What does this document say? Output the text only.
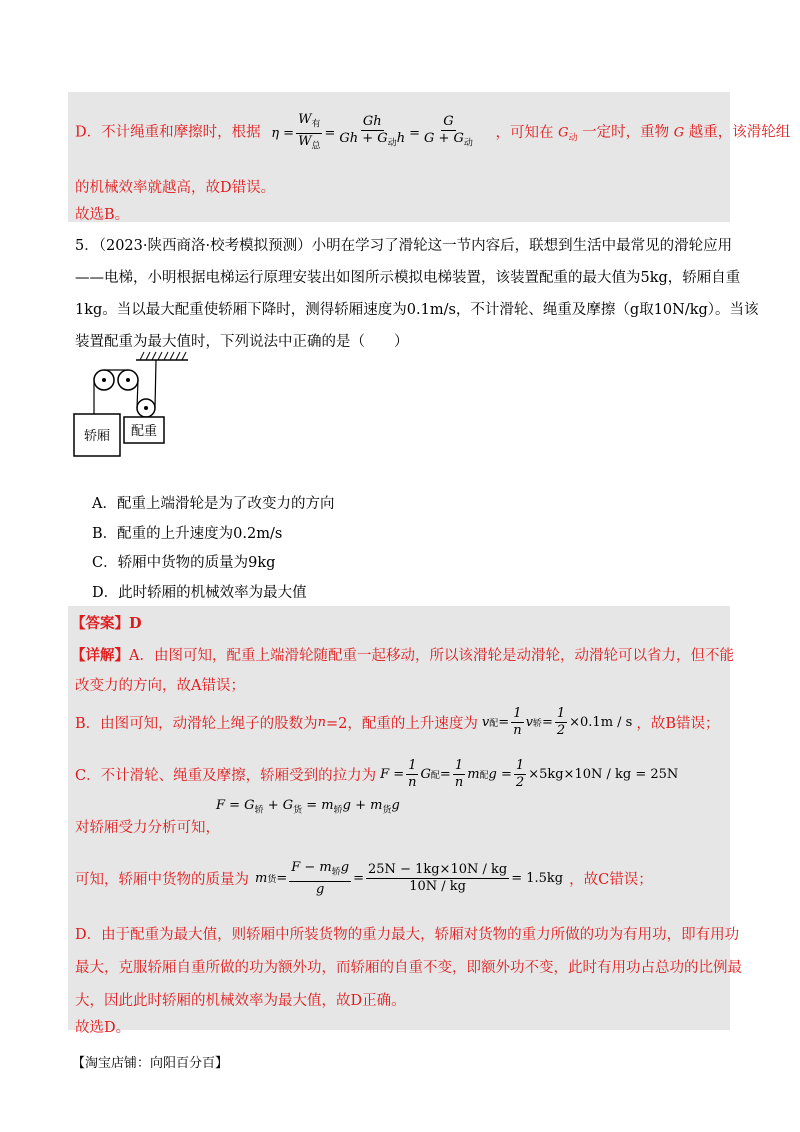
D．不计绳重和摩擦时，根据 $\eta = \frac{W_有}{W_总} = \frac{Gh}{Gh + G_动h} = \frac{G}{G + G_动}$ ，可知在 $G_动$ 一定时，重物 G 越重，该滑轮组
的机械效率就越高，故D错误。
故选B。
5．（2023·陕西商洛·校考模拟预测）小明在学习了滑轮这一节内容后，联想到生活中最常见的滑轮应用
——电梯，小明根据电梯运行原理安装出如图所示模拟电梯装置，该装置配重的最大值为5kg，轿厢自重
1kg。当以最大配重使轿厢下降时，测得轿厢速度为0.1m/s，不计滑轮、绳重及摩擦（g取10N/kg）。当该
装置配重为最大值时，下列说法中正确的是（　　）
轿厢 配重
A．配重上端滑轮是为了改变力的方向
B．配重的上升速度为0.2m/s
C．轿厢中货物的质量为9kg
D．此时轿厢的机械效率为最大值
【答案】D
【详解】A．由图可知，配重上端滑轮随配重一起移动，所以该滑轮是动滑轮，动滑轮可以省力，但不能
改变力的方向，故A错误；
B．由图可知，动滑轮上绳子的股数为 n =2，配重的上升速度为 v 配 = $\frac{1}{n}$ v 轿 = $\frac{1}{2} \times 0.1m / s$ ，故B错误；
C．不计滑轮、绳重及摩擦，轿厢受到的拉力为 $F = \frac{1}{n}$ G 配 = $\frac{1}{n}$ m 配 $g = \frac{1}{2} \times 5kg\times 10N$ / kg = 25N
$F = G_轿 + G_货 = m_轿g + m_货g$
对轿厢受力分析可知，
可知，轿厢中货物的质量为 m 货 = $\frac{F - m_轿g}{g} = \frac{25N - 1kg\times 10N / kg}{10N / kg} = 1.5kg$ ，故C错误；
D．由于配重为最大值，则轿厢中所装货物的重力最大，轿厢对货物的重力所做的功为有用功，即有用功
最大，克服轿厢自重所做的功为额外功，而轿厢的自重不变，即额外功不变，此时有用功占总功的比例最
大，因此此时轿厢的机械效率为最大值，故D正确。
故选D。
【淘宝店铺：向阳百分百】
